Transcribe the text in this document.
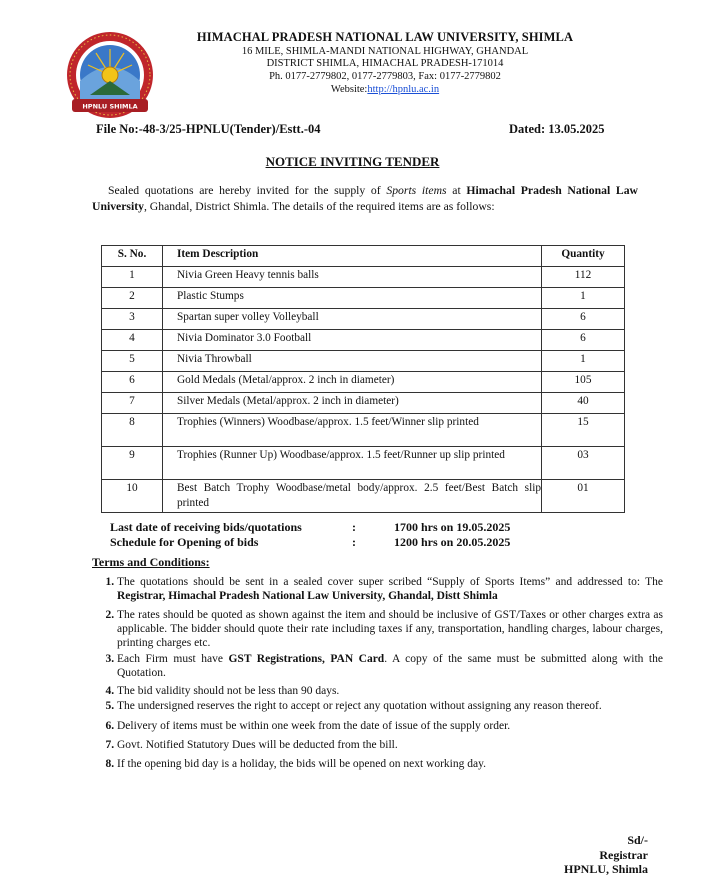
HPNLU SHIMLA
HIMACHAL PRADESH NATIONAL LAW UNIVERSITY, SHIMLA
16 MILE, SHIMLA-MANDI NATIONAL HIGHWAY, GHANDAL
DISTRICT SHIMLA, HIMACHAL PRADESH-171014
Ph. 0177-2779802, 0177-2779803, Fax: 0177-2779802
Website:http://hpnlu.ac.in
File No:-48-3/25-HPNLU(Tender)/Estt.-04	Dated: 13.05.2025
NOTICE INVITING TENDER
Sealed quotations are hereby invited for the supply of Sports items at Himachal Pradesh National Law University, Ghandal, District Shimla. The details of the required items are as follows:
S. No.	Item Description	Quantity
1	Nivia Green Heavy tennis balls	112
2	Plastic Stumps	1
3	Spartan super volley Volleyball	6
4	Nivia Dominator 3.0 Football	6
5	Nivia Throwball	1
6	Gold Medals (Metal/approx. 2 inch in diameter)	105
7	Silver Medals (Metal/approx. 2 inch in diameter)	40
8	Trophies (Winners) Woodbase/approx. 1.5 feet/Winner slip printed	15
9	Trophies (Runner Up) Woodbase/approx. 1.5 feet/Runner up slip printed	03
10	Best Batch Trophy Woodbase/metal body/approx. 2.5 feet/Best Batch slip printed	01
Last date of receiving bids/quotations	:	1700 hrs on 19.05.2025
Schedule for Opening of bids	:	1200 hrs on 20.05.2025
Terms and Conditions:
1. The quotations should be sent in a sealed cover super scribed “Supply of Sports Items” and addressed to: The Registrar, Himachal Pradesh National Law University, Ghandal, Distt Shimla
2. The rates should be quoted as shown against the item and should be inclusive of GST/Taxes or other charges extra as applicable. The bidder should quote their rate including taxes if any, transportation, handling charges, labour charges, printing charges etc.
3. Each Firm must have GST Registrations, PAN Card. A copy of the same must be submitted along with the Quotation.
4. The bid validity should not be less than 90 days.
5. The undersigned reserves the right to accept or reject any quotation without assigning any reason thereof.
6. Delivery of items must be within one week from the date of issue of the supply order.
7. Govt. Notified Statutory Dues will be deducted from the bill.
8. If the opening bid day is a holiday, the bids will be opened on next working day.
Sd/-
Registrar
HPNLU, Shimla
